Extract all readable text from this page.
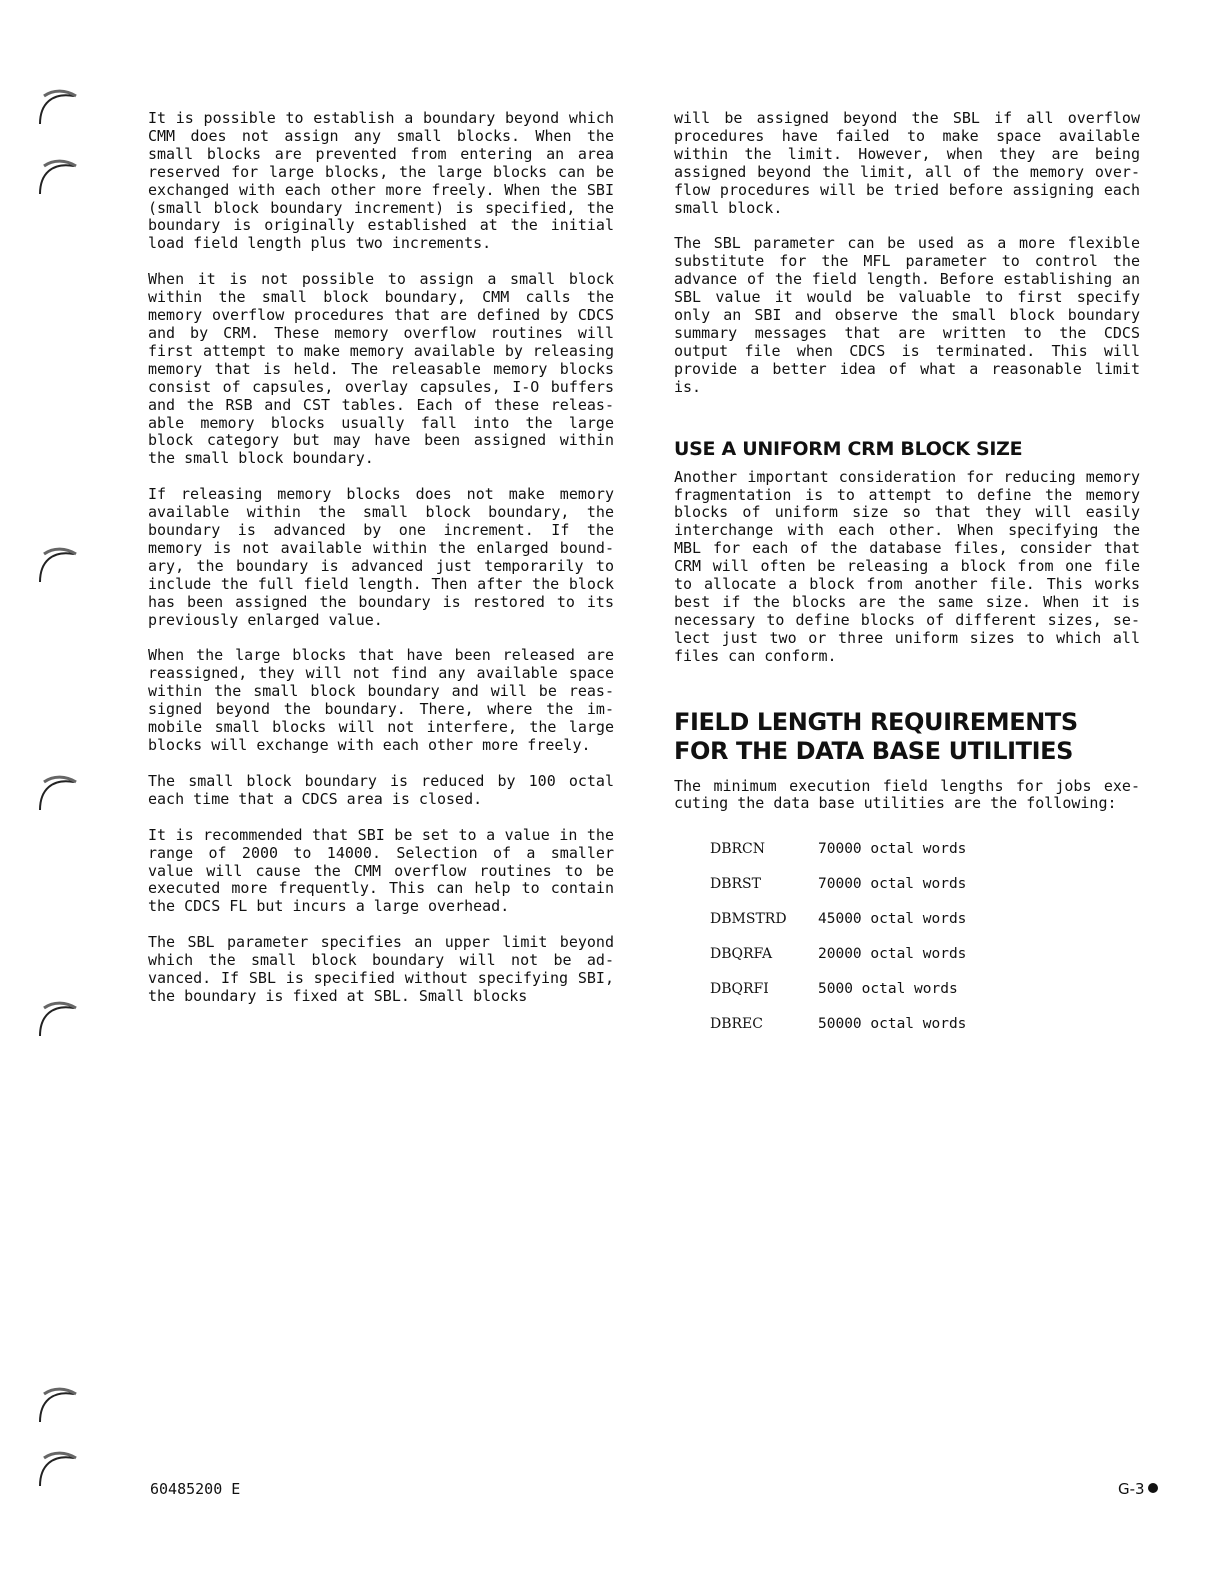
It is possible to establish a boundary beyond which CMM does not assign any small blocks. When the small blocks are prevented from entering an area reserved for large blocks, the large blocks can be exchanged with each other more freely. When the SBI (small block boundary increment) is specified, the boundary is originally established at the initial load field length plus two increments.

When it is not possible to assign a small block within the small block boundary, CMM calls the memory overflow procedures that are defined by CDCS and by CRM. These memory overflow routines will first attempt to make memory available by releasing memory that is held. The releasable memory blocks consist of capsules, overlay capsules, I-O buffers and the RSB and CST tables. Each of these releas-able memory blocks usually fall into the large block category but may have been assigned within the small block boundary.

If releasing memory blocks does not make memory available within the small block boundary, the boundary is advanced by one increment. If the memory is not available within the enlarged bound-ary, the boundary is advanced just temporarily to include the full field length. Then after the block has been assigned the boundary is restored to its previously enlarged value.

When the large blocks that have been released are reassigned, they will not find any available space within the small block boundary and will be reas-signed beyond the boundary. There, where the im-mobile small blocks will not interfere, the large blocks will exchange with each other more freely.

The small block boundary is reduced by 100 octal each time that a CDCS area is closed.

It is recommended that SBI be set to a value in the range of 2000 to 14000. Selection of a smaller value will cause the CMM overflow routines to be executed more frequently. This can help to contain the CDCS FL but incurs a large overhead.

The SBL parameter specifies an upper limit beyond which the small block boundary will not be ad-vanced. If SBL is specified without specifying SBI, the boundary is fixed at SBL. Small blocks

will be assigned beyond the SBL if all overflow procedures have failed to make space available within the limit. However, when they are being assigned beyond the limit, all of the memory over-flow procedures will be tried before assigning each small block.

The SBL parameter can be used as a more flexible substitute for the MFL parameter to control the advance of the field length. Before establishing an SBL value it would be valuable to first specify only an SBI and observe the small block boundary summary messages that are written to the CDCS output file when CDCS is terminated. This will provide a better idea of what a reasonable limit is.

USE A UNIFORM CRM BLOCK SIZE

Another important consideration for reducing memory fragmentation is to attempt to define the memory blocks of uniform size so that they will easily interchange with each other. When specifying the MBL for each of the database files, consider that CRM will often be releasing a block from one file to allocate a block from another file. This works best if the blocks are the same size. When it is necessary to define blocks of different sizes, se-lect just two or three uniform sizes to which all files can conform.

FIELD LENGTH REQUIREMENTS
FOR THE DATA BASE UTILITIES

The minimum execution field lengths for jobs exe-cuting the data base utilities are the following:

DBRCN	70000 octal words
DBRST	70000 octal words
DBMSTRD	45000 octal words
DBQRFA	20000 octal words
DBQRFI	5000 octal words
DBREC	50000 octal words
60485200 E	G-3
